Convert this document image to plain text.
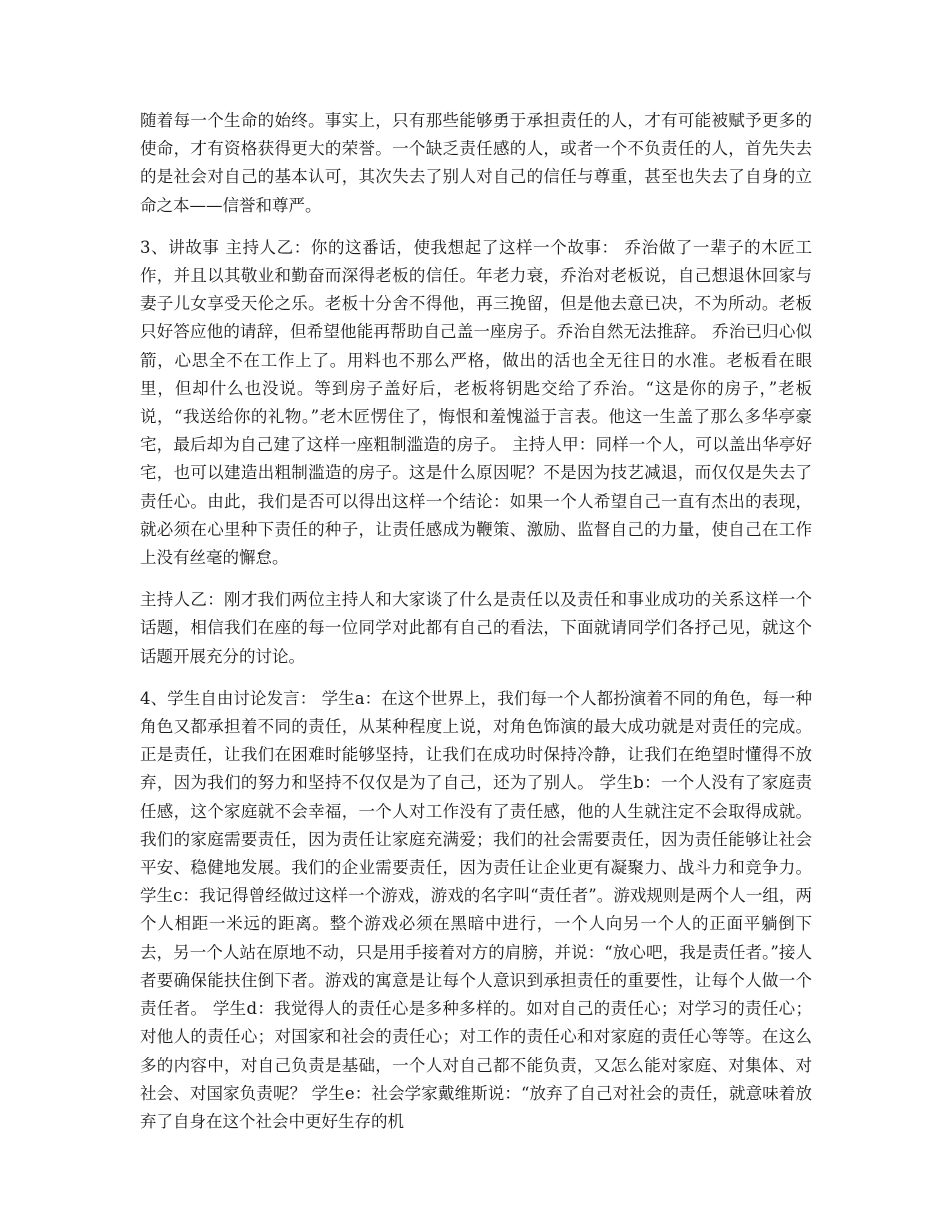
随着每一个生命的始终。事实上，只有那些能够勇于承担责任的人，才有可能被赋予更多的使命，才有资格获得更大的荣誉。一个缺乏责任感的人，或者一个不负责任的人，首先失去的是社会对自己的基本认可，其次失去了别人对自己的信任与尊重，甚至也失去了自身的立命之本——信誉和尊严。

3、讲故事 主持人乙：你的这番话，使我想起了这样一个故事： 乔治做了一辈子的木匠工作，并且以其敬业和勤奋而深得老板的信任。年老力衰，乔治对老板说，自己想退休回家与妻子儿女享受天伦之乐。老板十分舍不得他，再三挽留，但是他去意已决，不为所动。老板只好答应他的请辞，但希望他能再帮助自己盖一座房子。乔治自然无法推辞。 乔治已归心似箭，心思全不在工作上了。用料也不那么严格，做出的活也全无往日的水准。老板看在眼里，但却什么也没说。等到房子盖好后，老板将钥匙交给了乔治。“这是你的房子，”老板说，“我送给你的礼物。”老木匠愣住了，悔恨和羞愧溢于言表。他这一生盖了那么多华亭豪宅，最后却为自己建了这样一座粗制滥造的房子。 主持人甲：同样一个人，可以盖出华亭好宅，也可以建造出粗制滥造的房子。这是什么原因呢？不是因为技艺减退，而仅仅是失去了责任心。由此，我们是否可以得出这样一个结论：如果一个人希望自己一直有杰出的表现，就必须在心里种下责任的种子，让责任感成为鞭策、激励、监督自己的力量，使自己在工作上没有丝毫的懈怠。

主持人乙：刚才我们两位主持人和大家谈了什么是责任以及责任和事业成功的关系这样一个话题，相信我们在座的每一位同学对此都有自己的看法，下面就请同学们各抒己见，就这个话题开展充分的讨论。

4、学生自由讨论发言： 学生a：在这个世界上，我们每一个人都扮演着不同的角色，每一种角色又都承担着不同的责任，从某种程度上说，对角色饰演的最大成功就是对责任的完成。正是责任，让我们在困难时能够坚持，让我们在成功时保持冷静，让我们在绝望时懂得不放弃，因为我们的努力和坚持不仅仅是为了自己，还为了别人。 学生b：一个人没有了家庭责任感，这个家庭就不会幸福，一个人对工作没有了责任感，他的人生就注定不会取得成就。我们的家庭需要责任，因为责任让家庭充满爱；我们的社会需要责任，因为责任能够让社会平安、稳健地发展。我们的企业需要责任，因为责任让企业更有凝聚力、战斗力和竞争力。 学生c：我记得曾经做过这样一个游戏，游戏的名字叫“责任者”。游戏规则是两个人一组，两个人相距一米远的距离。整个游戏必须在黑暗中进行，一个人向另一个人的正面平躺倒下去，另一个人站在原地不动，只是用手接着对方的肩膀，并说：“放心吧，我是责任者。”接人者要确保能扶住倒下者。游戏的寓意是让每个人意识到承担责任的重要性，让每个人做一个责任者。 学生d：我觉得人的责任心是多种多样的。如对自己的责任心；对学习的责任心；对他人的责任心；对国家和社会的责任心；对工作的责任心和对家庭的责任心等等。在这么多的内容中，对自己负责是基础，一个人对自己都不能负责，又怎么能对家庭、对集体、对社会、对国家负责呢？ 学生e：社会学家戴维斯说：“放弃了自己对社会的责任，就意味着放弃了自身在这个社会中更好生存的机
